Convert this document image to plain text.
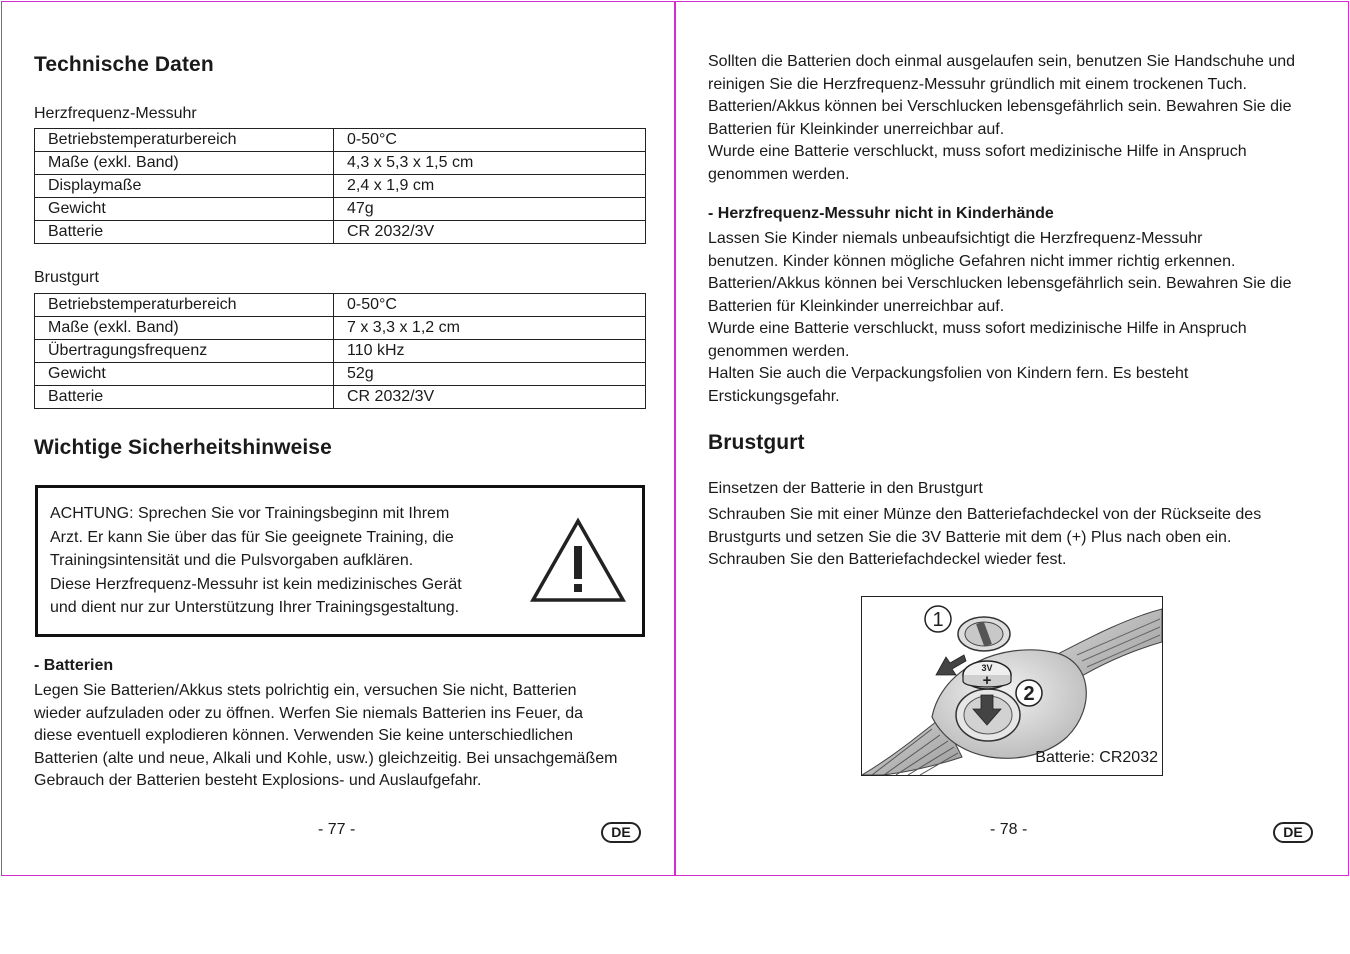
Technische Daten
Herzfrequenz-Messuhr
Betriebstemperaturbereich	0-50°C
Maße (exkl. Band)	4,3 x 5,3 x 1,5 cm
Displaymaße	2,4 x 1,9 cm
Gewicht	47g
Batterie	CR 2032/3V
Brustgurt
Betriebstemperaturbereich	0-50°C
Maße (exkl. Band)	7 x 3,3 x 1,2 cm
Übertragungsfrequenz	110 kHz
Gewicht	52g
Batterie	CR 2032/3V
Wichtige Sicherheitshinweise
ACHTUNG: Sprechen Sie vor Trainingsbeginn mit Ihrem
Arzt. Er kann Sie über das für Sie geeignete Training, die
Trainingsintensität und die Pulsvorgaben aufklären.
Diese Herzfrequenz-Messuhr ist kein medizinisches Gerät
und dient nur zur Unterstützung Ihrer Trainingsgestaltung.
- Batterien
Legen Sie Batterien/Akkus stets polrichtig ein, versuchen Sie nicht, Batterien
wieder aufzuladen oder zu öffnen. Werfen Sie niemals Batterien ins Feuer, da
diese eventuell explodieren können. Verwenden Sie keine unterschiedlichen
Batterien (alte und neue, Alkali und Kohle, usw.) gleichzeitig. Bei unsachgemäßem
Gebrauch der Batterien besteht Explosions- und Auslaufgefahr.
- 77 -	DE
Sollten die Batterien doch einmal ausgelaufen sein, benutzen Sie Handschuhe und
reinigen Sie die Herzfrequenz-Messuhr gründlich mit einem trockenen Tuch.
Batterien/Akkus können bei Verschlucken lebensgefährlich sein. Bewahren Sie die
Batterien für Kleinkinder unerreichbar auf.
Wurde eine Batterie verschluckt, muss sofort medizinische Hilfe in Anspruch
genommen werden.
- Herzfrequenz-Messuhr nicht in Kinderhände
Lassen Sie Kinder niemals unbeaufsichtigt die Herzfrequenz-Messuhr
benutzen. Kinder können mögliche Gefahren nicht immer richtig erkennen.
Batterien/Akkus können bei Verschlucken lebensgefährlich sein. Bewahren Sie die
Batterien für Kleinkinder unerreichbar auf.
Wurde eine Batterie verschluckt, muss sofort medizinische Hilfe in Anspruch
genommen werden.
Halten Sie auch die Verpackungsfolien von Kindern fern. Es besteht
Erstickungsgefahr.
Brustgurt
Einsetzen der Batterie in den Brustgurt
Schrauben Sie mit einer Münze den Batteriefachdeckel von der Rückseite des
Brustgurts und setzen Sie die 3V Batterie mit dem (+) Plus nach oben ein.
Schrauben Sie den Batteriefachdeckel wieder fest.
3V
+
1
2
Batterie: CR2032
- 78 -	DE
